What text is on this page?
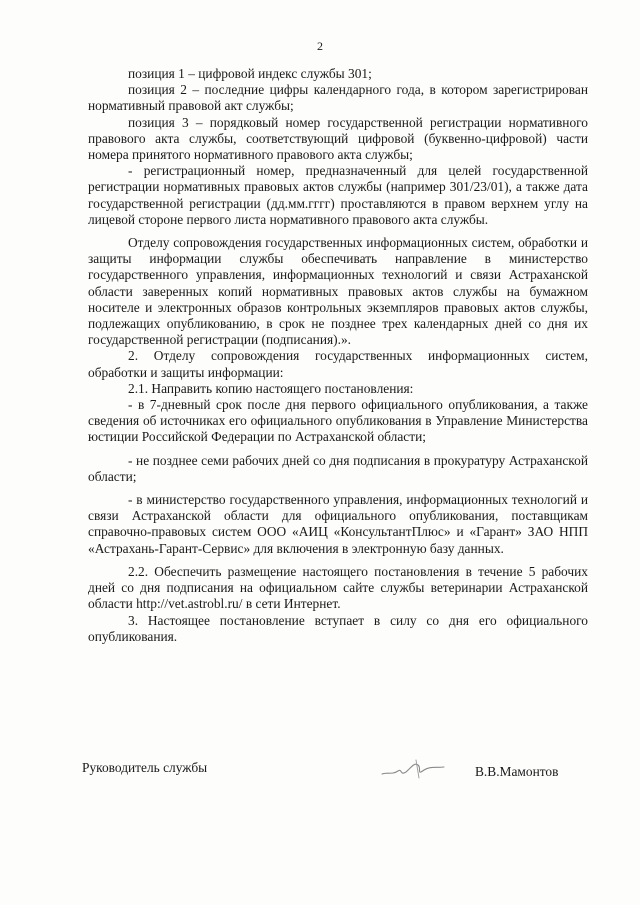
2

позиция 1 – цифровой индекс службы 301;

позиция 2 – последние цифры календарного года, в котором зарегистрирован нормативный правовой акт службы;

позиция 3 – порядковый номер государственной регистрации нормативного правового акта службы, соответствующий цифровой (буквенно-цифровой) части номера принятого нормативного правового акта службы;

- регистрационный номер, предназначенный для целей государственной регистрации нормативных правовых актов службы (например 301/23/01), а также дата государственной регистрации (дд.мм.гггг) проставляются в правом верхнем углу на лицевой стороне первого листа нормативного правового акта службы.

Отделу сопровождения государственных информационных систем, обработки и защиты информации службы обеспечивать направление в министерство государственного управления, информационных технологий и связи Астраханской области заверенных копий нормативных правовых актов службы на бумажном носителе и электронных образов контрольных экземпляров правовых актов службы, подлежащих опубликованию, в срок не позднее трех календарных дней со дня их государственной регистрации (подписания).».

2. Отделу сопровождения государственных информационных систем, обработки и защиты информации:

2.1. Направить копию настоящего постановления:

- в 7-дневный срок после дня первого официального опубликования, а также сведения об источниках его официального опубликования в Управление Министерства юстиции Российской Федерации по Астраханской области;

- не позднее семи рабочих дней со дня подписания в прокуратуру Астраханской области;

- в министерство государственного управления, информационных технологий и связи Астраханской области для официального опубликования, поставщикам справочно-правовых систем ООО «АИЦ «КонсультантПлюс» и «Гарант» ЗАО НПП «Астрахань-Гарант-Сервис» для включения в электронную базу данных.

2.2. Обеспечить размещение настоящего постановления в течение 5 рабочих дней со дня подписания на официальном сайте службы ветеринарии Астраханской области http://vet.astrobl.ru/ в сети Интернет.

3. Настоящее постановление вступает в силу со дня его официального опубликования.

Руководитель службы	В.В.Мамонтов
